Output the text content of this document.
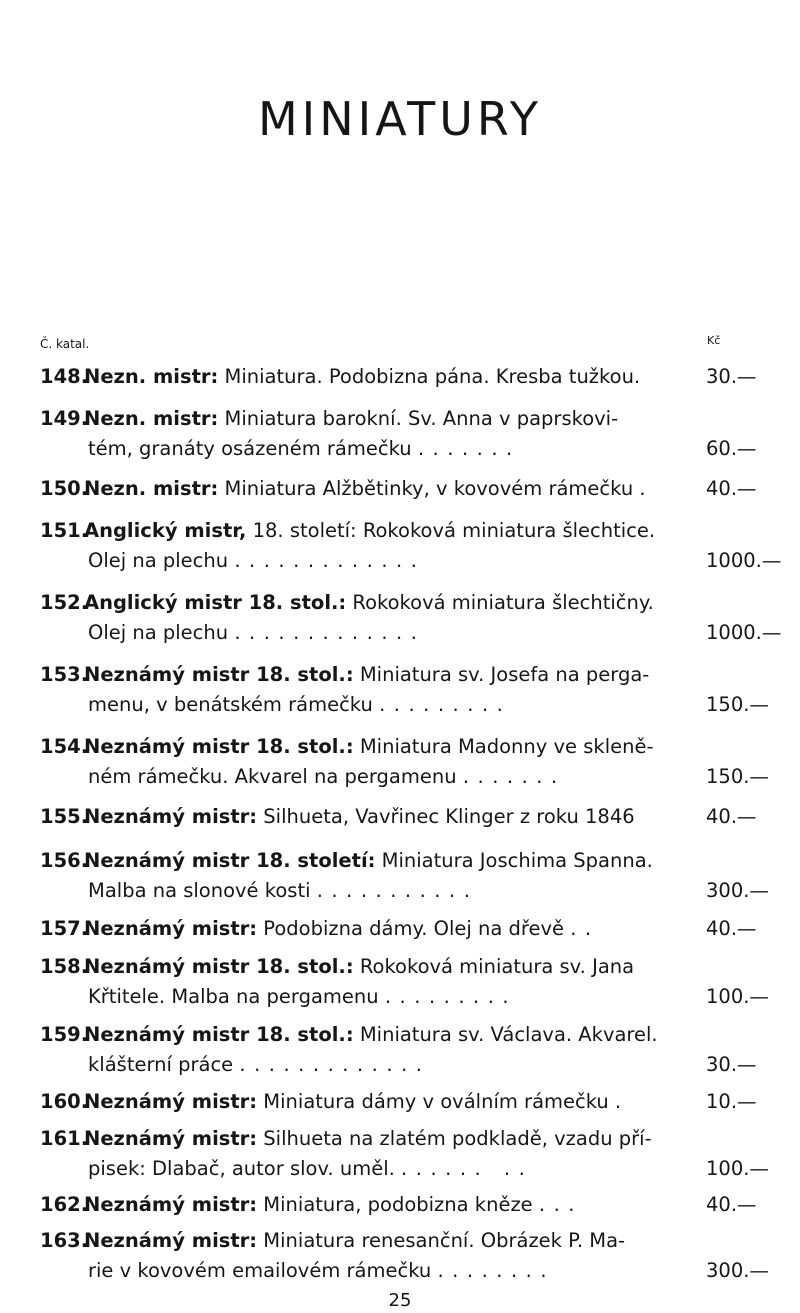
MINIATURY
Č. katal.	Kč
148.Nezn. mistr: Miniatura. Podobizna pána. Kresba tužkou.	30.—
149.Nezn. mistr: Miniatura barokní. Sv. Anna v paprskovi-
tém, granáty osázeném rámečku .......	60.—
150.Nezn. mistr: Miniatura Alžbětinky, v kovovém rámečku .	40.—
151.Anglický mistr, 18. století: Rokoková miniatura šlechtice.
Olej na plechu .............	1000.—
152.Anglický mistr 18. stol.: Rokoková miniatura šlechtičny.
Olej na plechu .............	1000.—
153.Neznámý mistr 18. stol.: Miniatura sv. Josefa na perga-
menu, v benátském rámečku .........	150.—
154.Neznámý mistr 18. stol.: Miniatura Madonny ve skleně-
ném rámečku. Akvarel na pergamenu .......	150.—
155.Neznámý mistr: Silhueta, Vavřinec Klinger z roku 1846	40.—
156.Neznámý mistr 18. století: Miniatura Joschima Spanna.
Malba na slonové kosti ...........	300.—
157.Neznámý mistr: Podobizna dámy. Olej na dřevě ..	40.—
158.Neznámý mistr 18. stol.: Rokoková miniatura sv. Jana
Křtitele. Malba na pergamenu .........	100.—
159.Neznámý mistr 18. stol.: Miniatura sv. Václava. Akvarel.
klášterní práce .............	30.—
160.Neznámý mistr: Miniatura dámy v oválním rámečku .	10.—
161.Neznámý mistr: Silhueta na zlatém podkladě, vzadu pří-
pisek: Dlabač, autor slov. uměl. ...... ..	100.—
162.Neznámý mistr: Miniatura, podobizna kněze ...	40.—
163.Neznámý mistr: Miniatura renesanční. Obrázek P. Ma-
rie v kovovém emailovém rámečku ........	300.—
25
